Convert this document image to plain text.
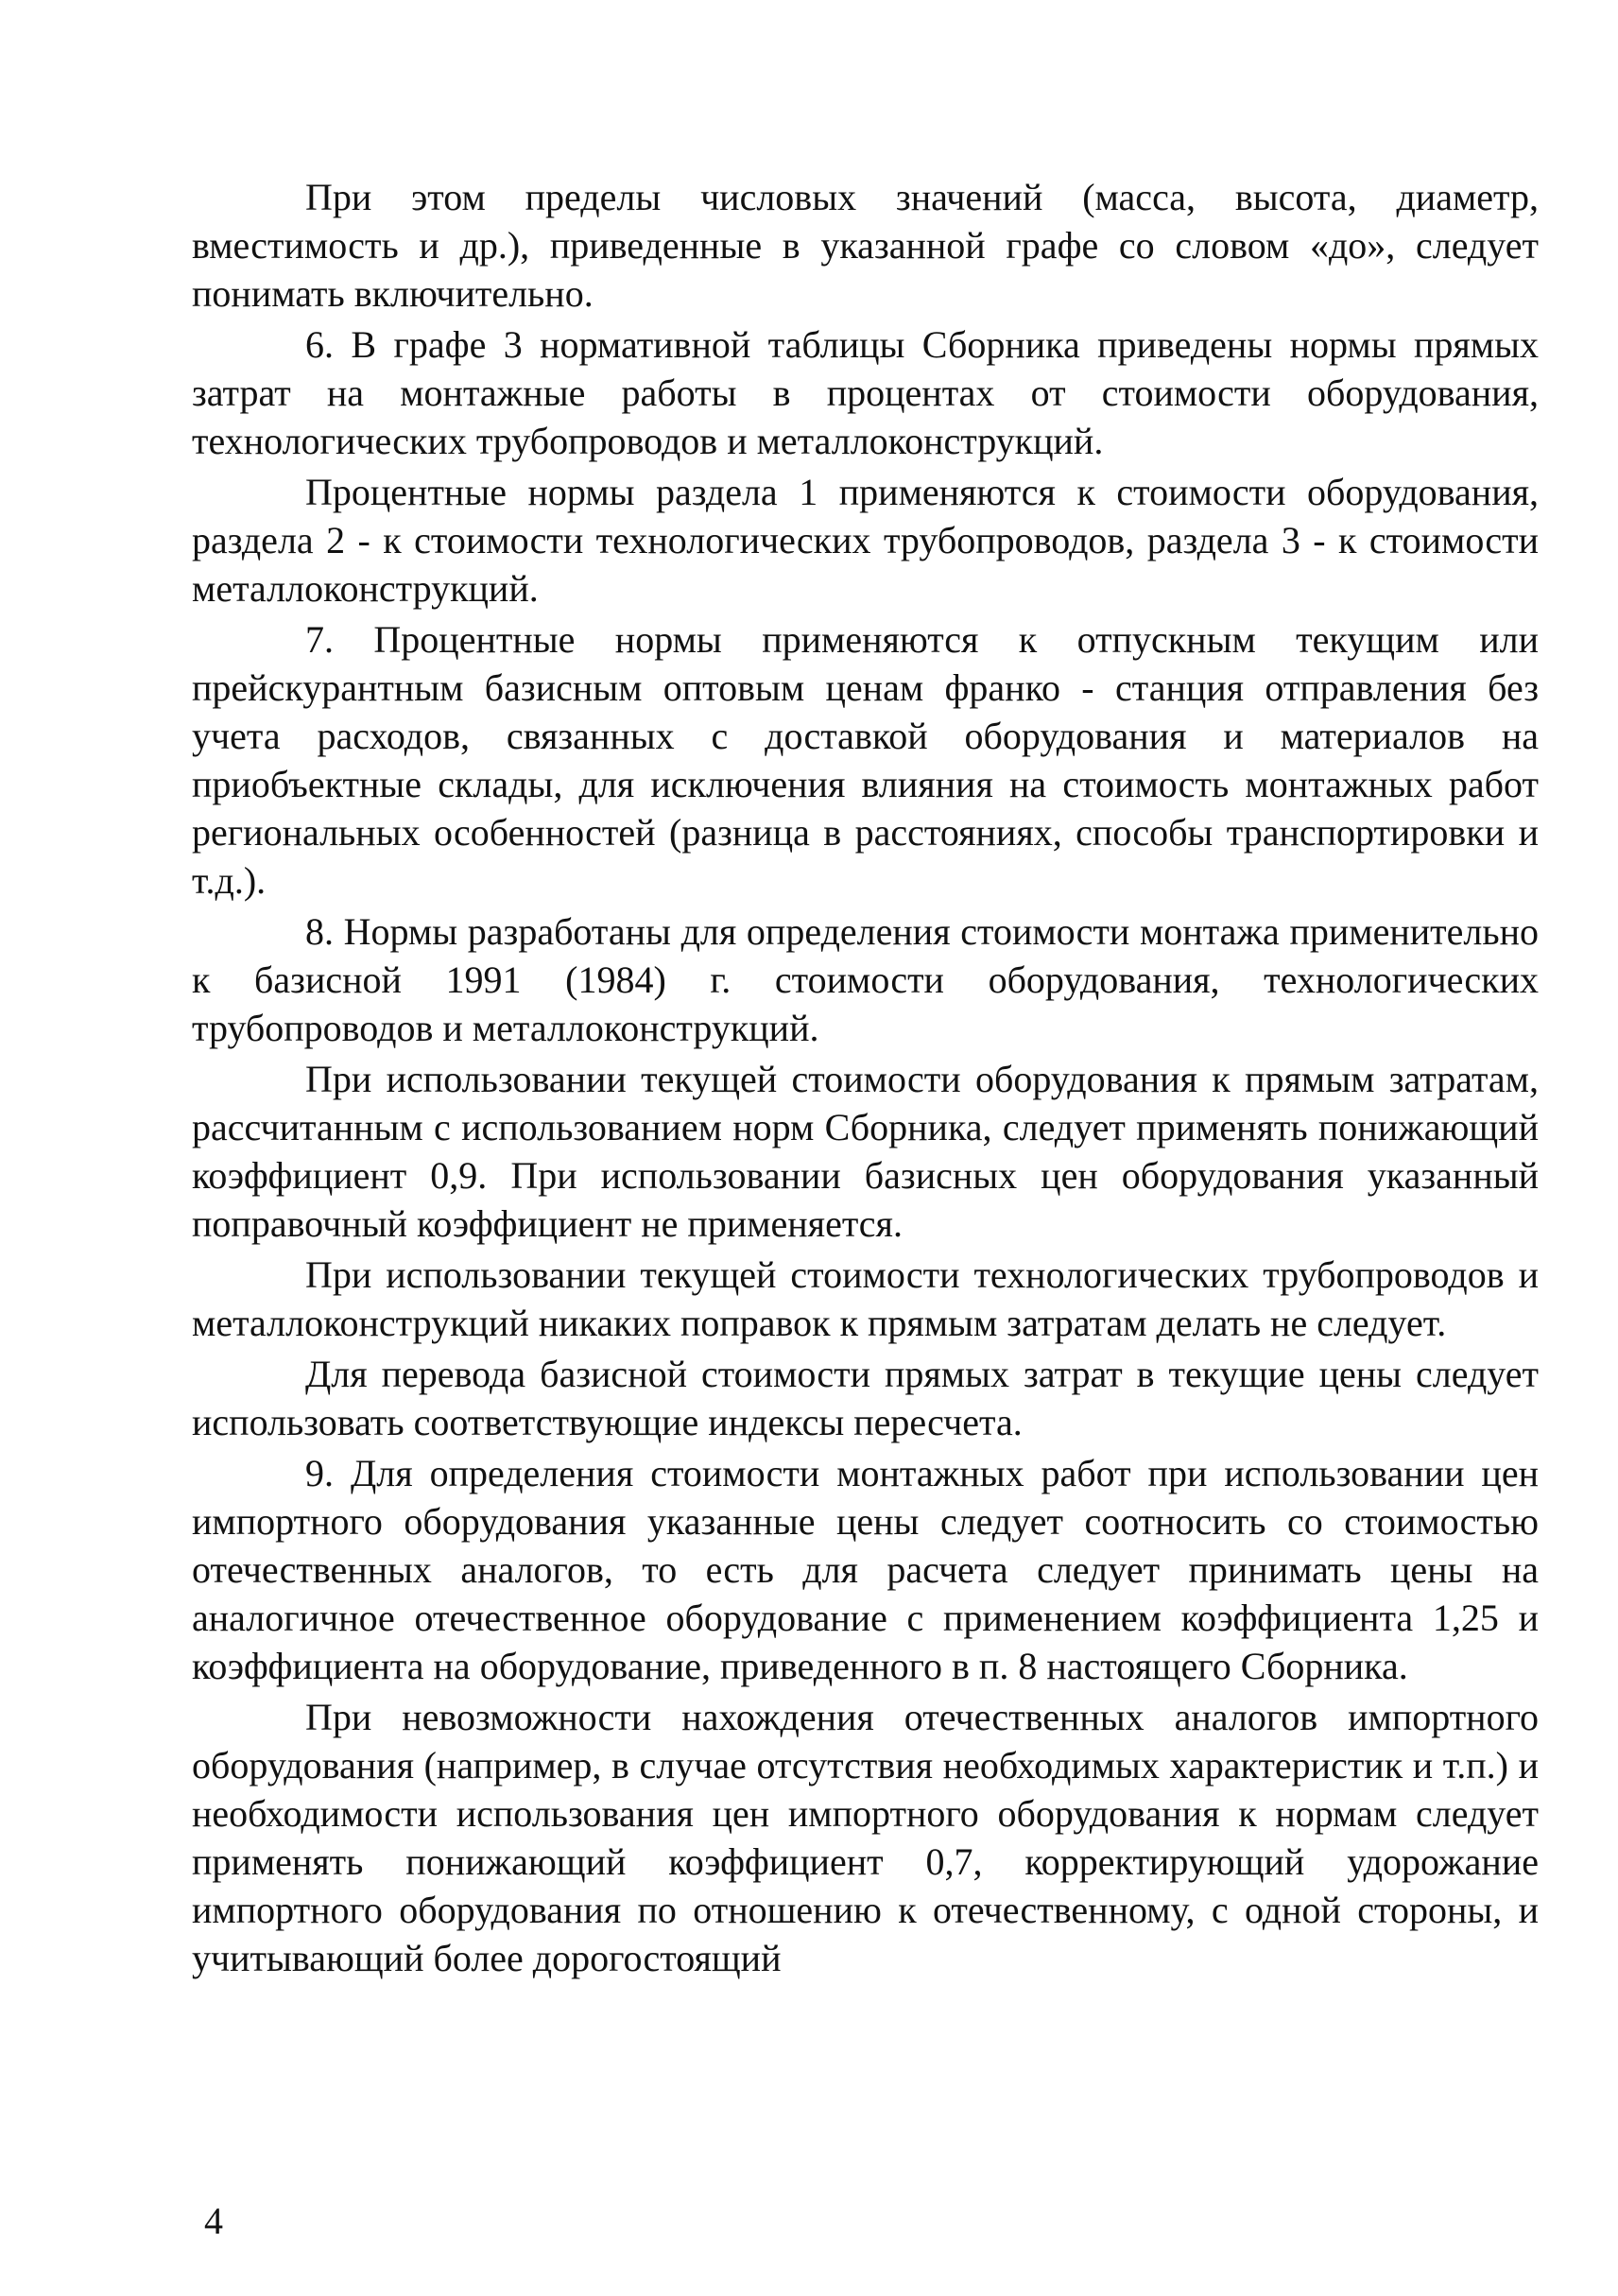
При этом пределы числовых значений (масса, высота, диаметр, вместимость и др.), приведенные в указанной графе со словом «до», следует понимать включительно.

6. В графе 3 нормативной таблицы Сборника приведены нормы прямых затрат на монтажные работы в процентах от стоимости оборудования, технологических трубопроводов и металлоконструкций.

Процентные нормы раздела 1 применяются к стоимости оборудования, раздела 2 - к стоимости технологических трубопроводов, раздела 3 - к стоимости металлоконструкций.

7. Процентные нормы применяются к отпускным текущим или прейскурантным базисным оптовым ценам франко - станция отправления без учета расходов, связанных с доставкой оборудования и материалов на приобъектные склады, для исключения влияния на стоимость монтажных работ региональных особенностей (разница в расстояниях, способы транспортировки и т.д.).

8. Нормы разработаны для определения стоимости монтажа применительно к базисной 1991 (1984) г. стоимости оборудования, технологических трубопроводов и металлоконструкций.

При использовании текущей стоимости оборудования к прямым затратам, рассчитанным с использованием норм Сборника, следует применять понижающий коэффициент 0,9. При использовании базисных цен оборудования указанный поправочный коэффициент не применяется.

При использовании текущей стоимости технологических трубопроводов и металлоконструкций никаких поправок к прямым затратам делать не следует.

Для перевода базисной стоимости прямых затрат в текущие цены следует использовать соответствующие индексы пересчета.

9. Для определения стоимости монтажных работ при использовании цен импортного оборудования указанные цены следует соотносить со стоимостью отечественных аналогов, то есть для расчета следует принимать цены на аналогичное отечественное оборудование с применением коэффициента 1,25 и коэффициента на оборудование, приведенного в п. 8 настоящего Сборника.

При невозможности нахождения отечественных аналогов импортного оборудования (например, в случае отсутствия необходимых характеристик и т.п.) и необходимости использования цен импортного оборудования к нормам следует применять понижающий коэффициент 0,7, корректирующий удорожание импортного оборудования по отношению к отечественному, с одной стороны, и учитывающий более дорогостоящий

4
